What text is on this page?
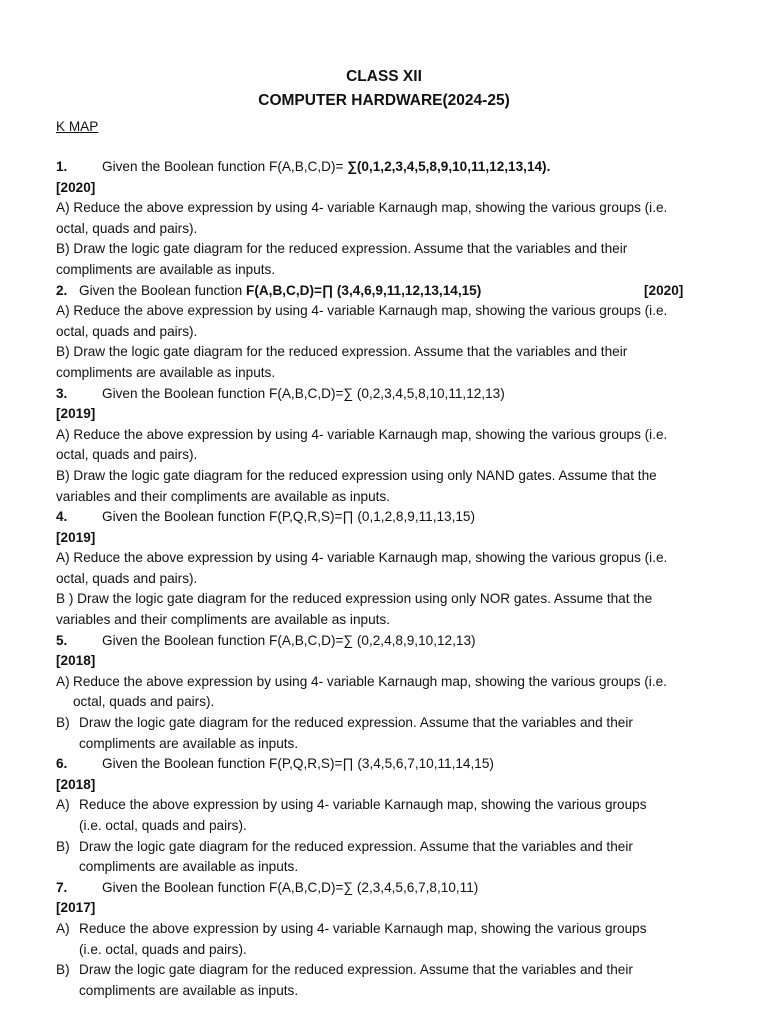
CLASS XII
COMPUTER HARDWARE(2024-25)
K MAP
1.	Given the Boolean function F(A,B,C,D)= ∑(0,1,2,3,4,5,8,9,10,11,12,13,14).
[2020]
A) Reduce the above expression by using 4- variable Karnaugh map, showing the various groups (i.e.
octal, quads and pairs).
B) Draw the logic gate diagram for the reduced expression. Assume that the variables and their
compliments are available as inputs.
2. Given the Boolean function F(A,B,C,D)=∏ (3,4,6,9,11,12,13,14,15)	[2020]
A) Reduce the above expression by using 4- variable Karnaugh map, showing the various groups (i.e.
octal, quads and pairs).
B) Draw the logic gate diagram for the reduced expression. Assume that the variables and their
compliments are available as inputs.
3.	Given the Boolean function F(A,B,C,D)=∑ (0,2,3,4,5,8,10,11,12,13)
[2019]
A) Reduce the above expression by using 4- variable Karnaugh map, showing the various groups (i.e.
octal, quads and pairs).
B) Draw the logic gate diagram for the reduced expression using only NAND gates. Assume that the
variables and their compliments are available as inputs.
4.	Given the Boolean function F(P,Q,R,S)=∏ (0,1,2,8,9,11,13,15)
[2019]
A) Reduce the above expression by using 4- variable Karnaugh map, showing the various gropus (i.e.
octal, quads and pairs).
B ) Draw the logic gate diagram for the reduced expression using only NOR gates. Assume that the
variables and their compliments are available as inputs.
5.	Given the Boolean function F(A,B,C,D)=∑ (0,2,4,8,9,10,12,13)
[2018]
A) Reduce the above expression by using 4- variable Karnaugh map, showing the various groups (i.e.
octal, quads and pairs).
B) Draw the logic gate diagram for the reduced expression. Assume that the variables and their
compliments are available as inputs.
6.	Given the Boolean function F(P,Q,R,S)=∏ (3,4,5,6,7,10,11,14,15)
[2018]
A) Reduce the above expression by using 4- variable Karnaugh map, showing the various groups
(i.e. octal, quads and pairs).
B) Draw the logic gate diagram for the reduced expression. Assume that the variables and their
compliments are available as inputs.
7.	Given the Boolean function F(A,B,C,D)=∑ (2,3,4,5,6,7,8,10,11)
[2017]
A) Reduce the above expression by using 4- variable Karnaugh map, showing the various groups
(i.e. octal, quads and pairs).
B) Draw the logic gate diagram for the reduced expression. Assume that the variables and their
compliments are available as inputs.
